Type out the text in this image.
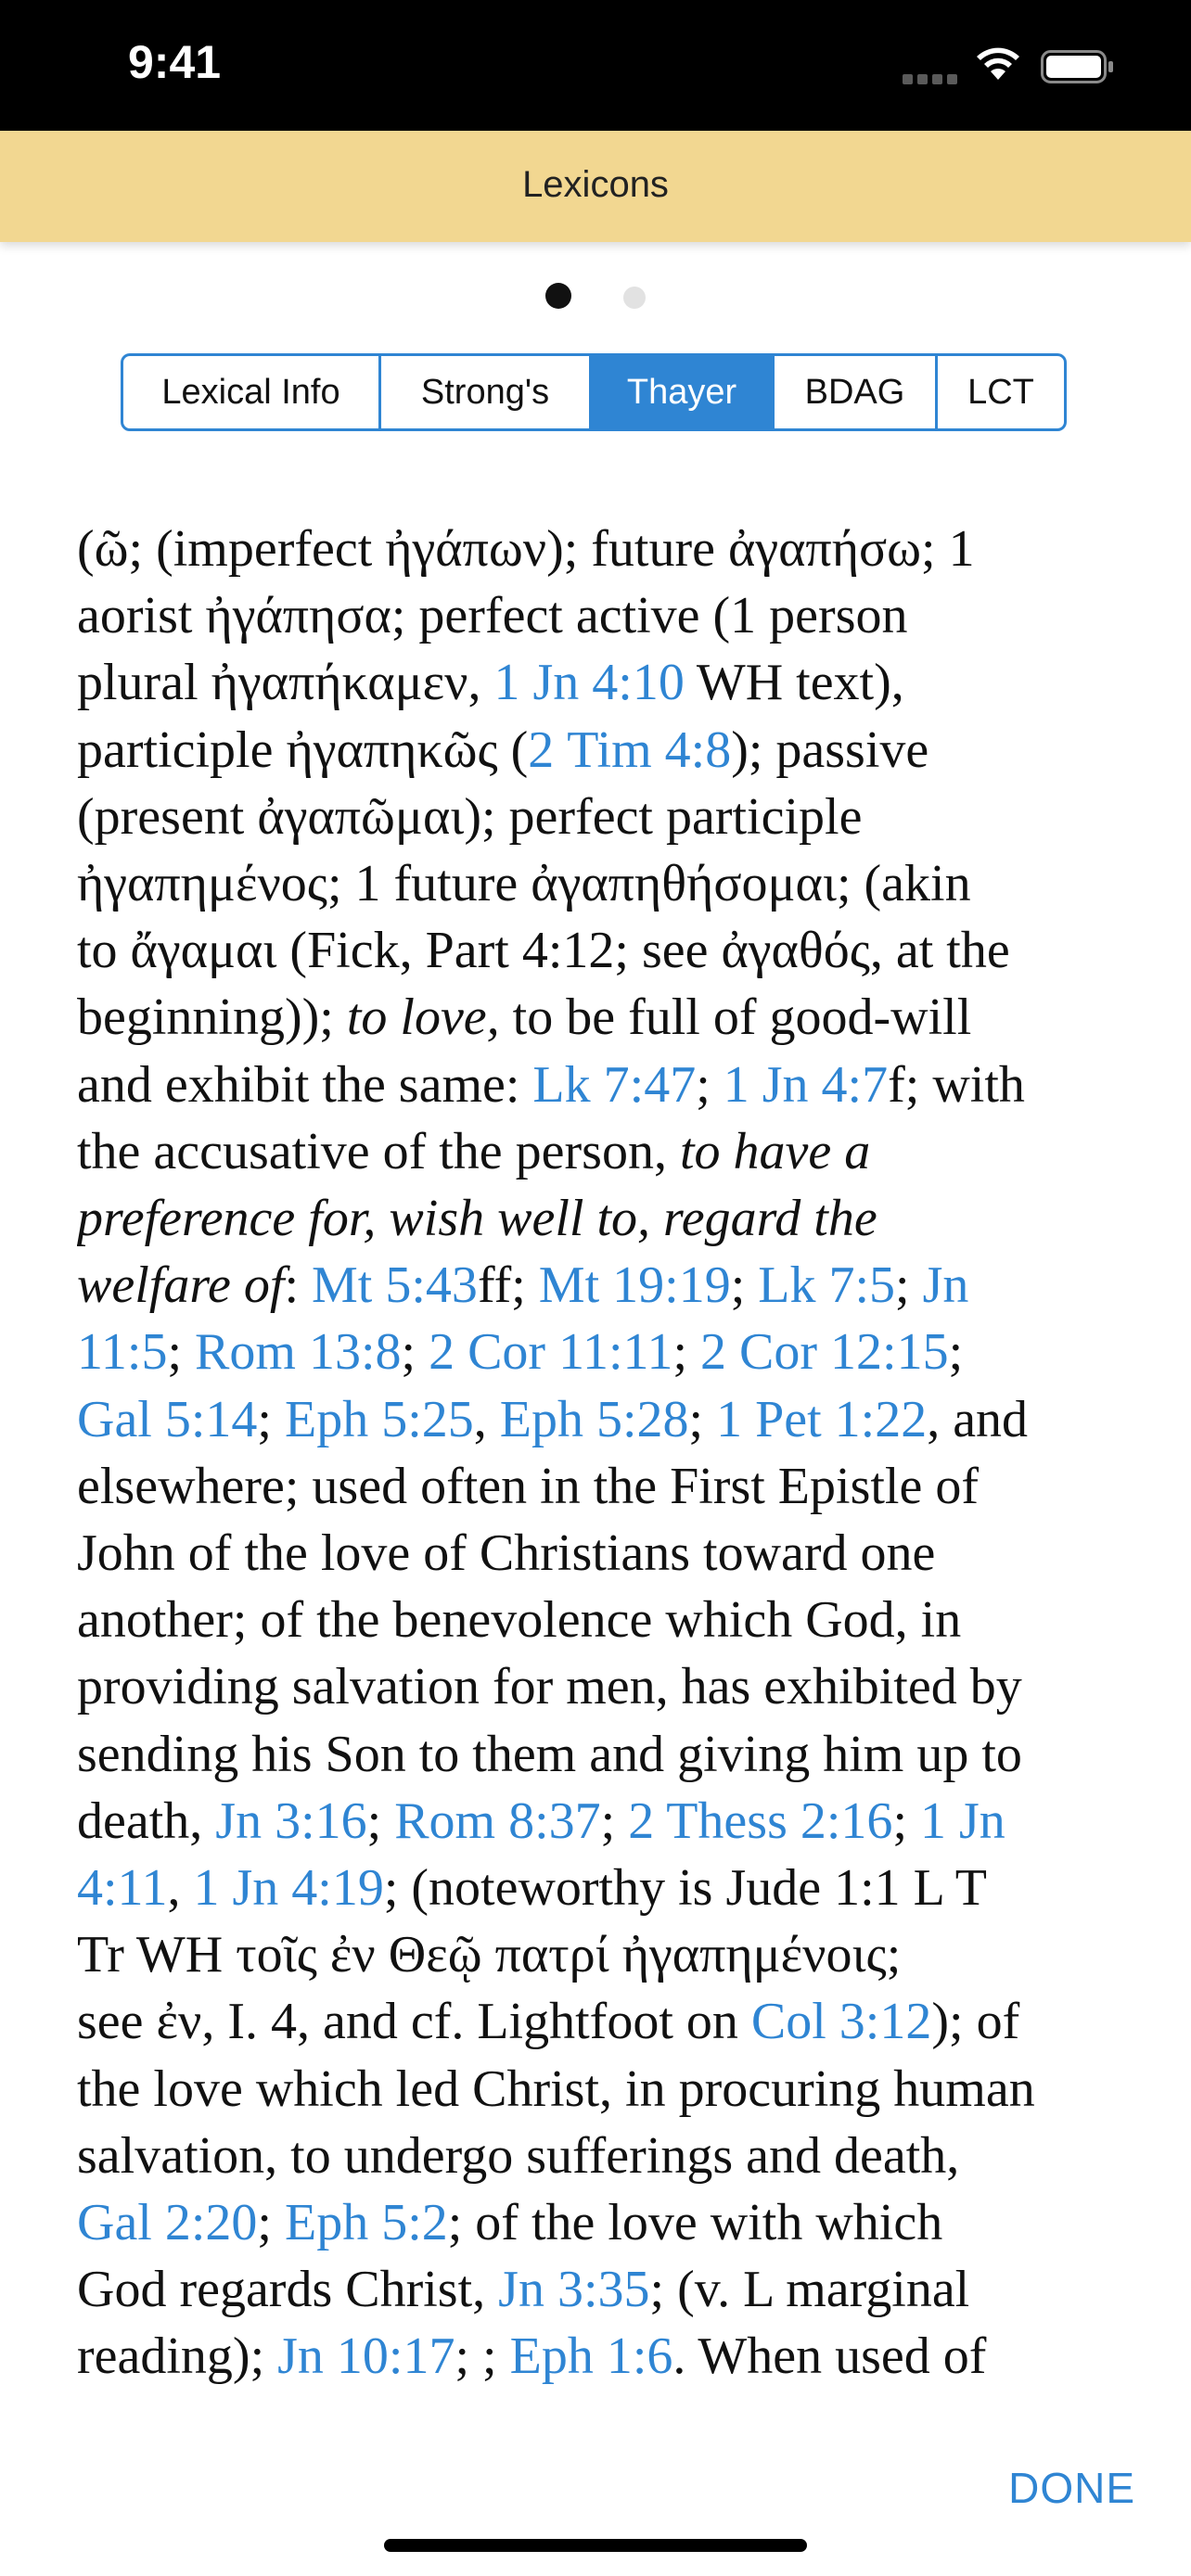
9:41
Lexicons
Lexical Info Strong's Thayer BDAG LCT
(ῶ; (imperfect ἠγάπων); future ἀγαπήσω; 1
aorist ἠγάπησα; perfect active (1 person
plural ἠγαπήκαμεν, 1 Jn 4:10 WH text),
participle ἠγαπηκῶς (2 Tim 4:8); passive
(present ἀγαπῶμαι); perfect participle
ἠγαπημένος; 1 future ἀγαπηθήσομαι; (akin
to ἄγαμαι (Fick, Part 4:12; see ἀγαθός, at the
beginning)); to love, to be full of good-will
and exhibit the same: Lk 7:47; 1 Jn 4:7f; with
the accusative of the person, to have a
preference for, wish well to, regard the
welfare of: Mt 5:43ff; Mt 19:19; Lk 7:5; Jn
11:5; Rom 13:8; 2 Cor 11:11; 2 Cor 12:15;
Gal 5:14; Eph 5:25, Eph 5:28; 1 Pet 1:22, and
elsewhere; used often in the First Epistle of
John of the love of Christians toward one
another; of the benevolence which God, in
providing salvation for men, has exhibited by
sending his Son to them and giving him up to
death, Jn 3:16; Rom 8:37; 2 Thess 2:16; 1 Jn
4:11, 1 Jn 4:19; (noteworthy is Jude 1:1 L T
Tr WH τοῖς ἐν Θεῷ πατρί ἠγαπημένοις;
see ἐν, I. 4, and cf. Lightfoot on Col 3:12); of
the love which led Christ, in procuring human
salvation, to undergo sufferings and death,
Gal 2:20; Eph 5:2; of the love with which
God regards Christ, Jn 3:35; (v. L marginal
reading); Jn 10:17; ; Eph 1:6. When used of
DONE
